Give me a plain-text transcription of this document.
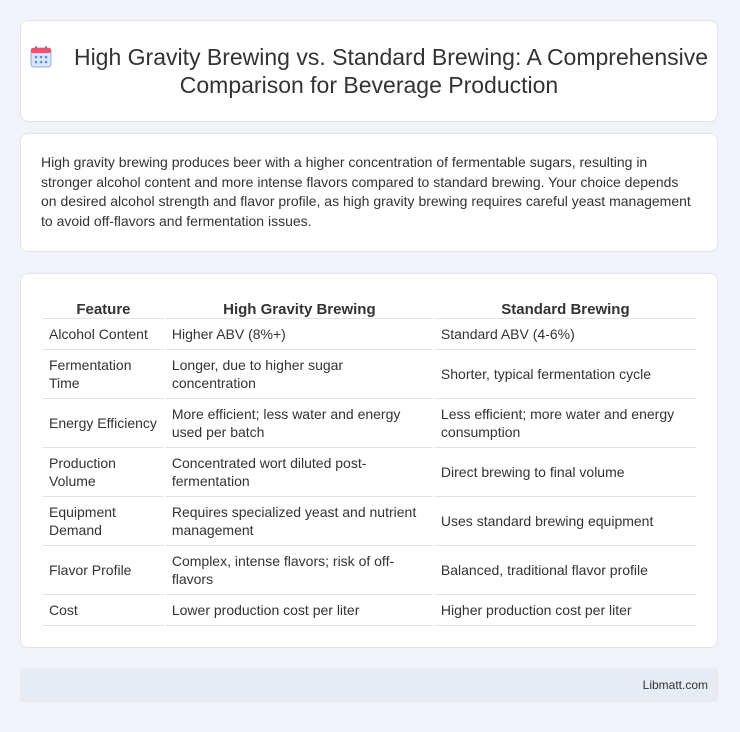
High Gravity Brewing vs. Standard Brewing: A Comprehensive Comparison for Beverage Production

High gravity brewing produces beer with a higher concentration of fermentable sugars, resulting in stronger alcohol content and more intense flavors compared to standard brewing. Your choice depends on desired alcohol strength and flavor profile, as high gravity brewing requires careful yeast management to avoid off-flavors and fermentation issues.

Feature	High Gravity Brewing	Standard Brewing
Alcohol Content	Higher ABV (8%+)	Standard ABV (4-6%)
Fermentation Time	Longer, due to higher sugar concentration	Shorter, typical fermentation cycle
Energy Efficiency	More efficient; less water and energy used per batch	Less efficient; more water and energy consumption
Production Volume	Concentrated wort diluted post-fermentation	Direct brewing to final volume
Equipment Demand	Requires specialized yeast and nutrient management	Uses standard brewing equipment
Flavor Profile	Complex, intense flavors; risk of off-flavors	Balanced, traditional flavor profile
Cost	Lower production cost per liter	Higher production cost per liter
Libmatt.com
